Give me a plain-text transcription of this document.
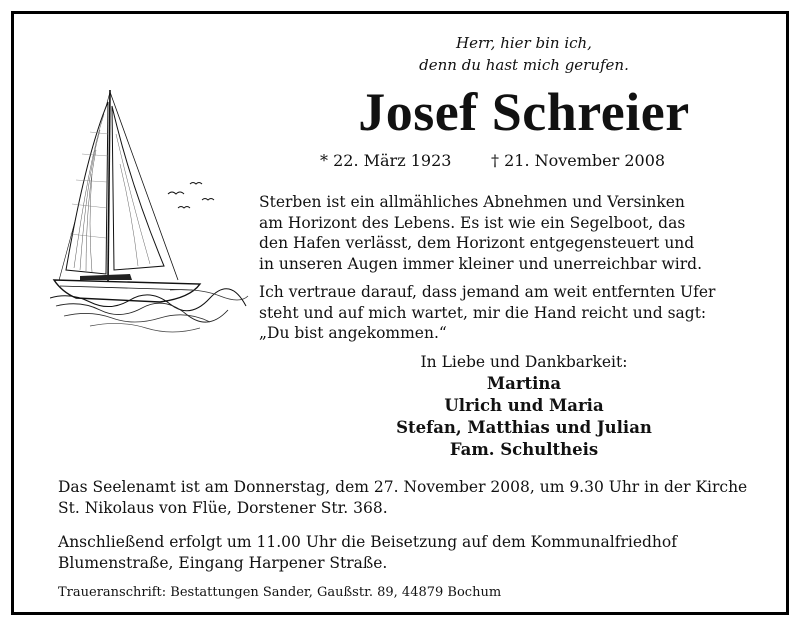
Herr, hier bin ich,
denn du hast mich gerufen.
Josef Schreier
* 22. März 1923 † 21. November 2008
Sterben ist ein allmähliches Abnehmen und Versinken
am Horizont des Lebens. Es ist wie ein Segelboot, das
den Hafen verlässt, dem Horizont entgegensteuert und
in unseren Augen immer kleiner und unerreichbar wird.
Ich vertraue darauf, dass jemand am weit entfernten Ufer
steht und auf mich wartet, mir die Hand reicht und sagt:
„Du bist angekommen.“
In Liebe und Dankbarkeit:
Martina
Ulrich und Maria
Stefan, Matthias und Julian
Fam. Schultheis
Das Seelenamt ist am Donnerstag, dem 27. November 2008, um 9.30 Uhr in der Kirche
St. Nikolaus von Flüe, Dorstener Str. 368.
Anschließend erfolgt um 11.00 Uhr die Beisetzung auf dem Kommunalfriedhof
Blumenstraße, Eingang Harpener Straße.
Traueranschrift: Bestattungen Sander, Gaußstr. 89, 44879 Bochum
